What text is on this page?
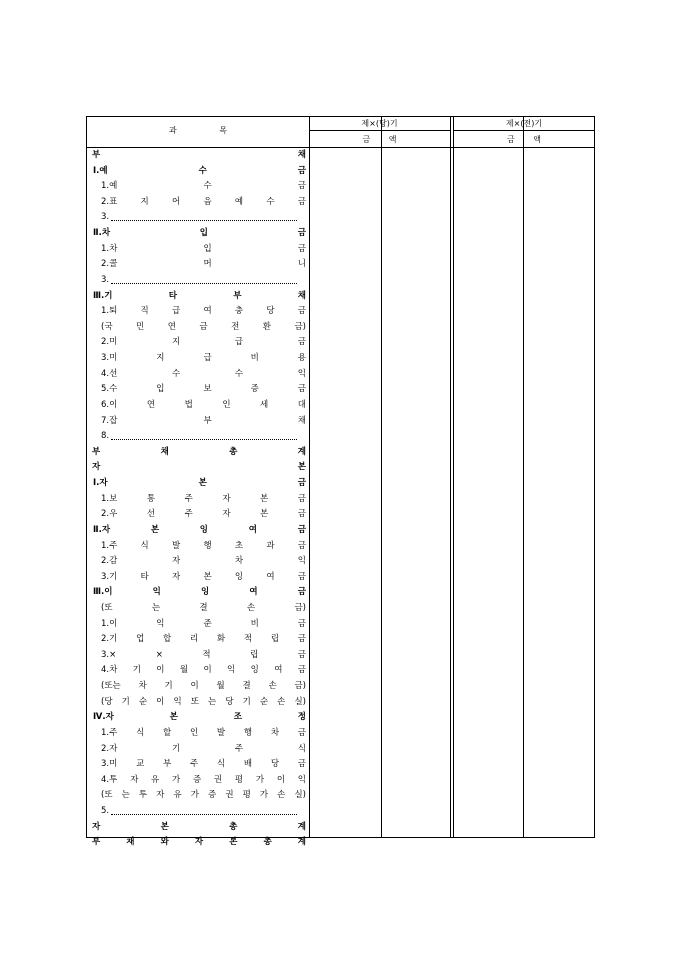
과 목
제×(당)기	제×(전)기
금 액	금 액
부 채
Ⅰ.예 수 금
1.예 수 금
2.표 지 어 음 예 수 금
3.
Ⅱ.차 입 금
1.차 입 금
2.콜 머 니
3.
Ⅲ.기 타 부 채
1.퇴 직 급 여 충 당 금
(국 민 연 금 전 환 금)
2.미 지 급 금
3.미 지 급 비 용
4.선 수 수 익
5.수 입 보 증 금
6.이 연 법 인 세 대
7.잡 부 채
8.
부 채 총 계
자 본
Ⅰ.자 본 금
1.보 통 주 자 본 금
2.우 선 주 자 본 금
Ⅱ.자 본 잉 여 금
1.주 식 발 행 초 과 금
2.감 자 차 익
3.기 타 자 본 잉 여 금
Ⅲ.이 익 잉 여 금
(또 는 결 손 금)
1.이 익 준 비 금
2.기 업 합 리 화 적 립 금
3.× × 적 립 금
4.차 기 이 월 이 익 잉 여 금
(또는 차 기 이 월 결 손 금)
(당 기 순 이 익 또 는 당 기 순 손 실)
Ⅳ.자 본 조 정
1.주 식 할 인 발 행 차 금
2.자 기 주 식
3.미 교 부 주 식 배 당 금
4.투 자 유 가 증 권 평 가 이 익
(또 는 투 자 유 가 증 권 평 가 손 실)
5.
자 본 총 계
부 채 와 자 본 총 계
